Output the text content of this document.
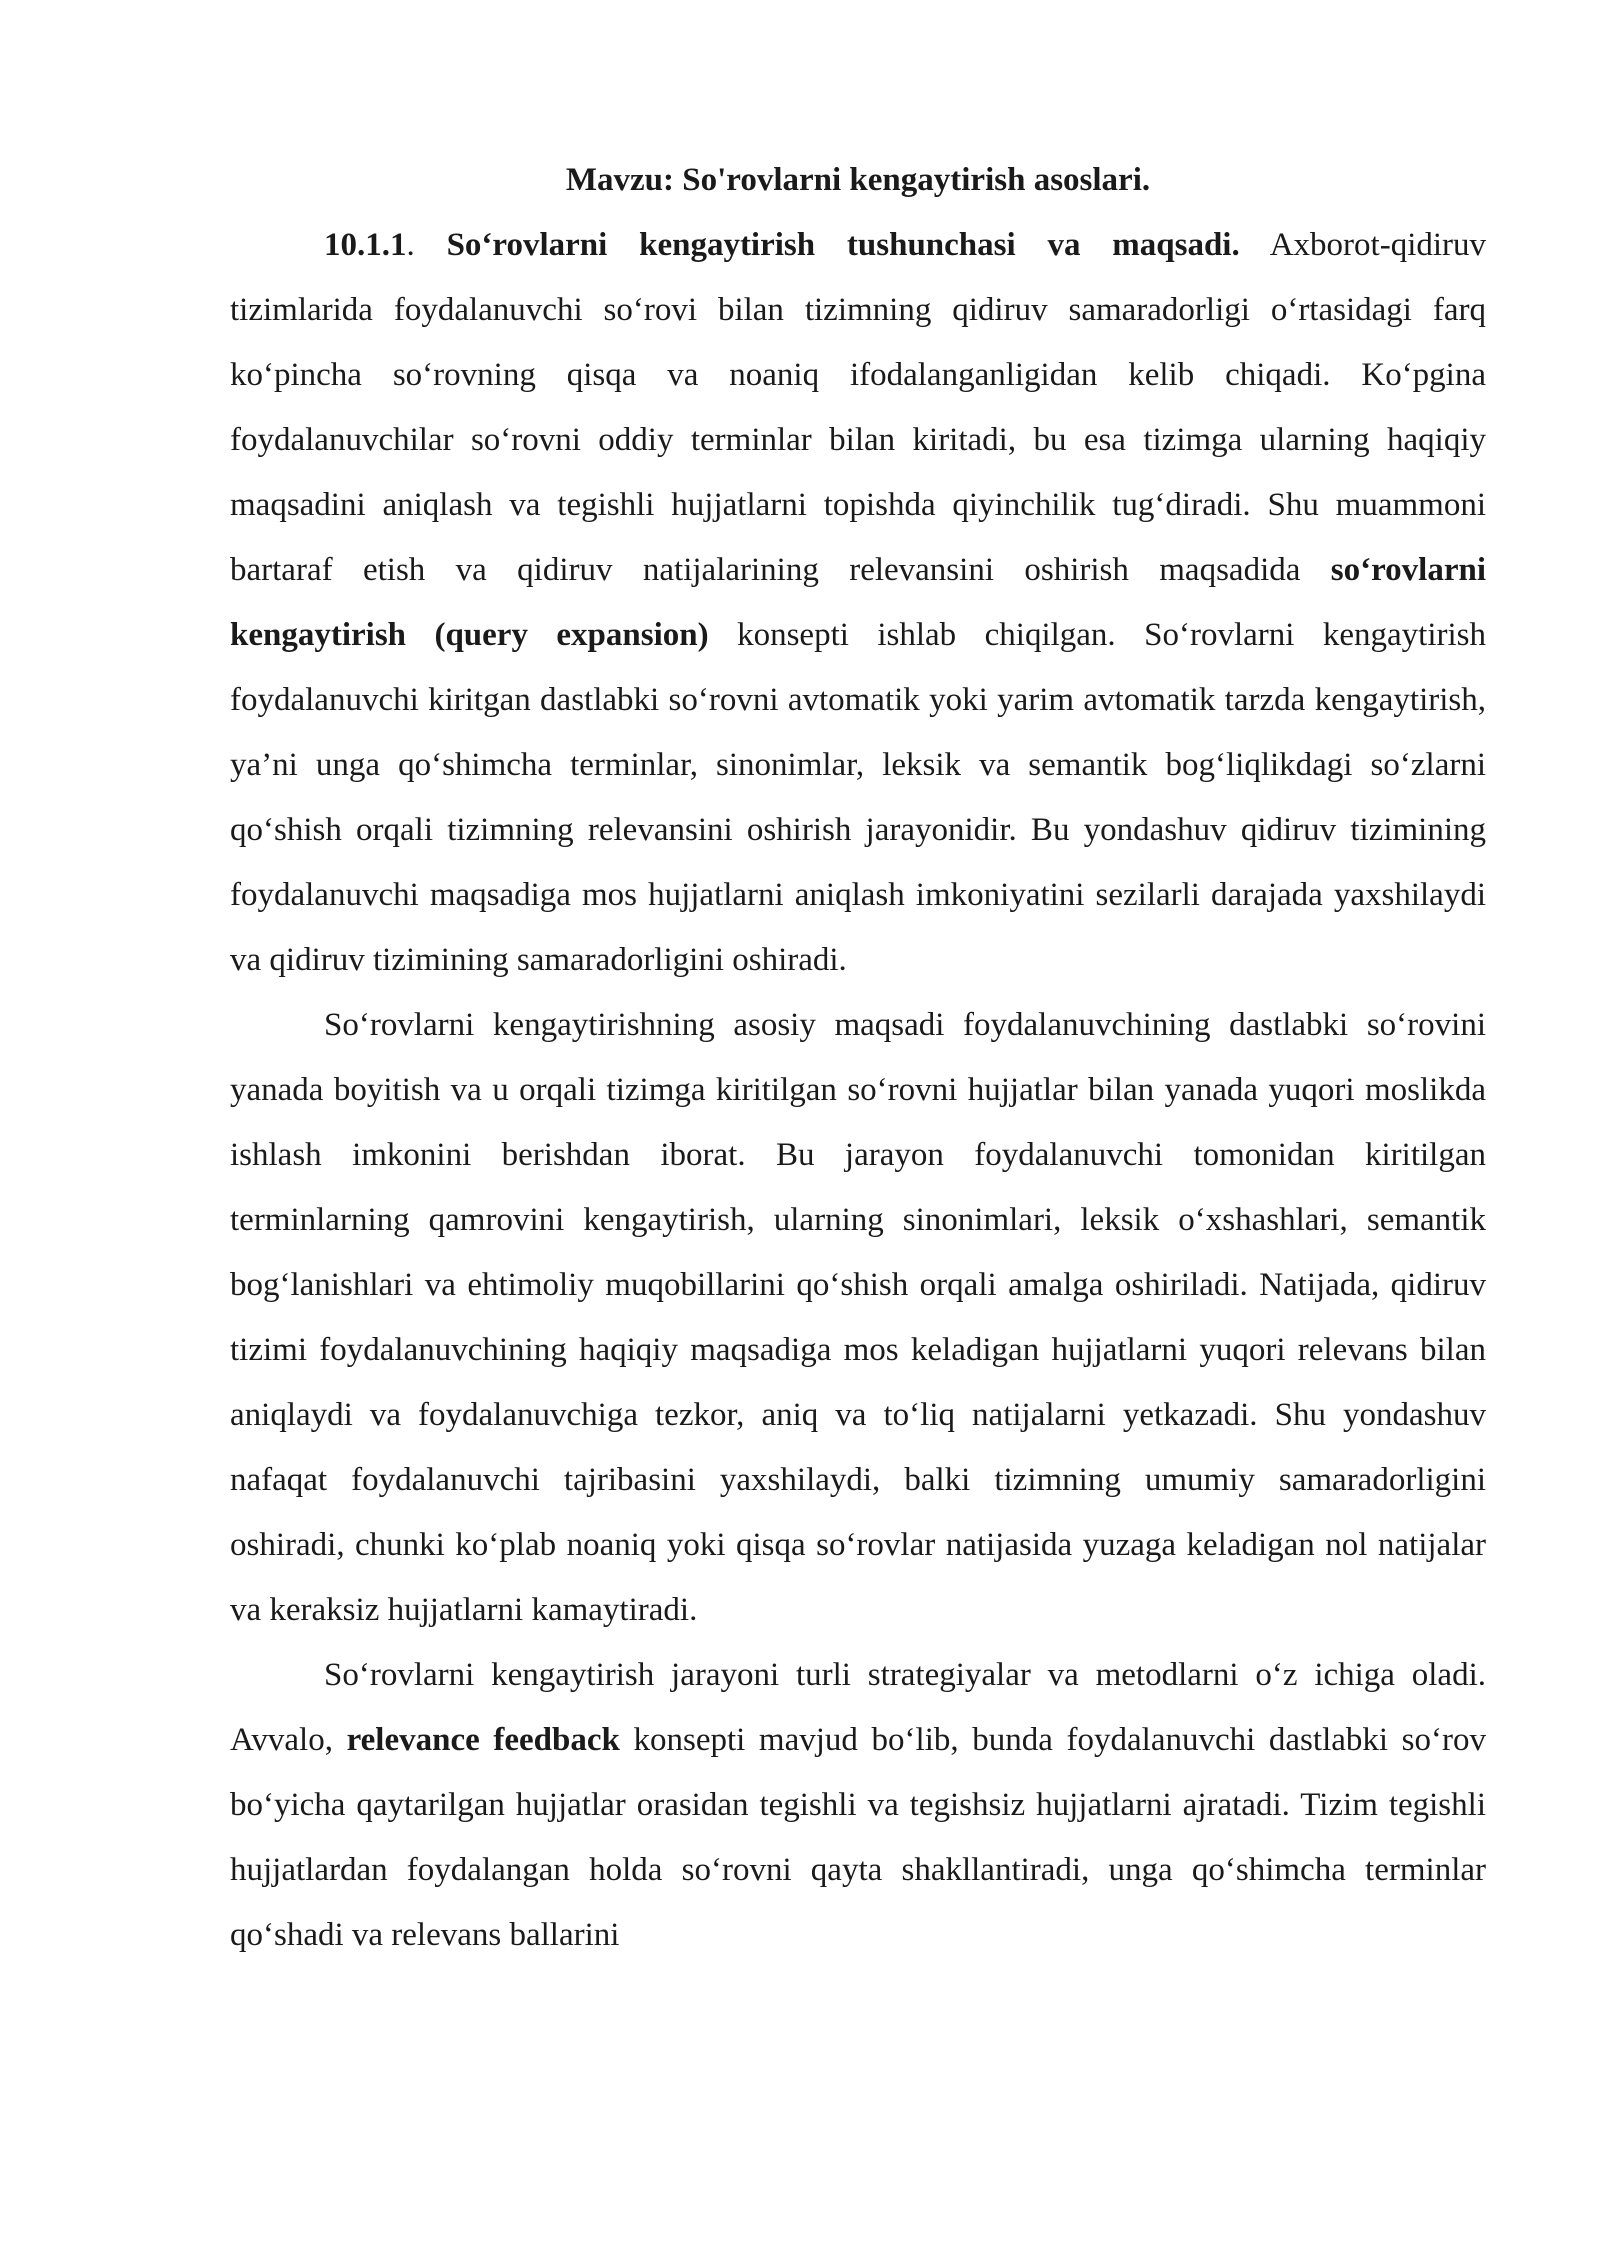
Mavzu: So'rovlarni kengaytirish asoslari.

10.1.1. So‘rovlarni kengaytirish tushunchasi va maqsadi. Axborot-qidiruv tizimlarida foydalanuvchi so‘rovi bilan tizimning qidiruv samaradorligi o‘rtasidagi farq ko‘pincha so‘rovning qisqa va noaniq ifodalanganligidan kelib chiqadi. Ko‘pgina foydalanuvchilar so‘rovni oddiy terminlar bilan kiritadi, bu esa tizimga ularning haqiqiy maqsadini aniqlash va tegishli hujjatlarni topishda qiyinchilik tug‘diradi. Shu muammoni bartaraf etish va qidiruv natijalarining relevansini oshirish maqsadida so‘rovlarni kengaytirish (query expansion) konsepti ishlab chiqilgan. So‘rovlarni kengaytirish foydalanuvchi kiritgan dastlabki so‘rovni avtomatik yoki yarim avtomatik tarzda kengaytirish, ya’ni unga qo‘shimcha terminlar, sinonimlar, leksik va semantik bog‘liqlikdagi so‘zlarni qo‘shish orqali tizimning relevansini oshirish jarayonidir. Bu yondashuv qidiruv tizimining foydalanuvchi maqsadiga mos hujjatlarni aniqlash imkoniyatini sezilarli darajada yaxshilaydi va qidiruv tizimining samaradorligini oshiradi.

So‘rovlarni kengaytirishning asosiy maqsadi foydalanuvchining dastlabki so‘rovini yanada boyitish va u orqali tizimga kiritilgan so‘rovni hujjatlar bilan yanada yuqori moslikda ishlash imkonini berishdan iborat. Bu jarayon foydalanuvchi tomonidan kiritilgan terminlarning qamrovini kengaytirish, ularning sinonimlari, leksik o‘xshashlari, semantik bog‘lanishlari va ehtimoliy muqobillarini qo‘shish orqali amalga oshiriladi. Natijada, qidiruv tizimi foydalanuvchining haqiqiy maqsadiga mos keladigan hujjatlarni yuqori relevans bilan aniqlaydi va foydalanuvchiga tezkor, aniq va to‘liq natijalarni yetkazadi. Shu yondashuv nafaqat foydalanuvchi tajribasini yaxshilaydi, balki tizimning umumiy samaradorligini oshiradi, chunki ko‘plab noaniq yoki qisqa so‘rovlar natijasida yuzaga keladigan nol natijalar va keraksiz hujjatlarni kamaytiradi.

So‘rovlarni kengaytirish jarayoni turli strategiyalar va metodlarni o‘z ichiga oladi. Avvalo, relevance feedback konsepti mavjud bo‘lib, bunda foydalanuvchi dastlabki so‘rov bo‘yicha qaytarilgan hujjatlar orasidan tegishli va tegishsiz hujjatlarni ajratadi. Tizim tegishli hujjatlardan foydalangan holda so‘rovni qayta shakllantiradi, unga qo‘shimcha terminlar qo‘shadi va relevans ballarini
